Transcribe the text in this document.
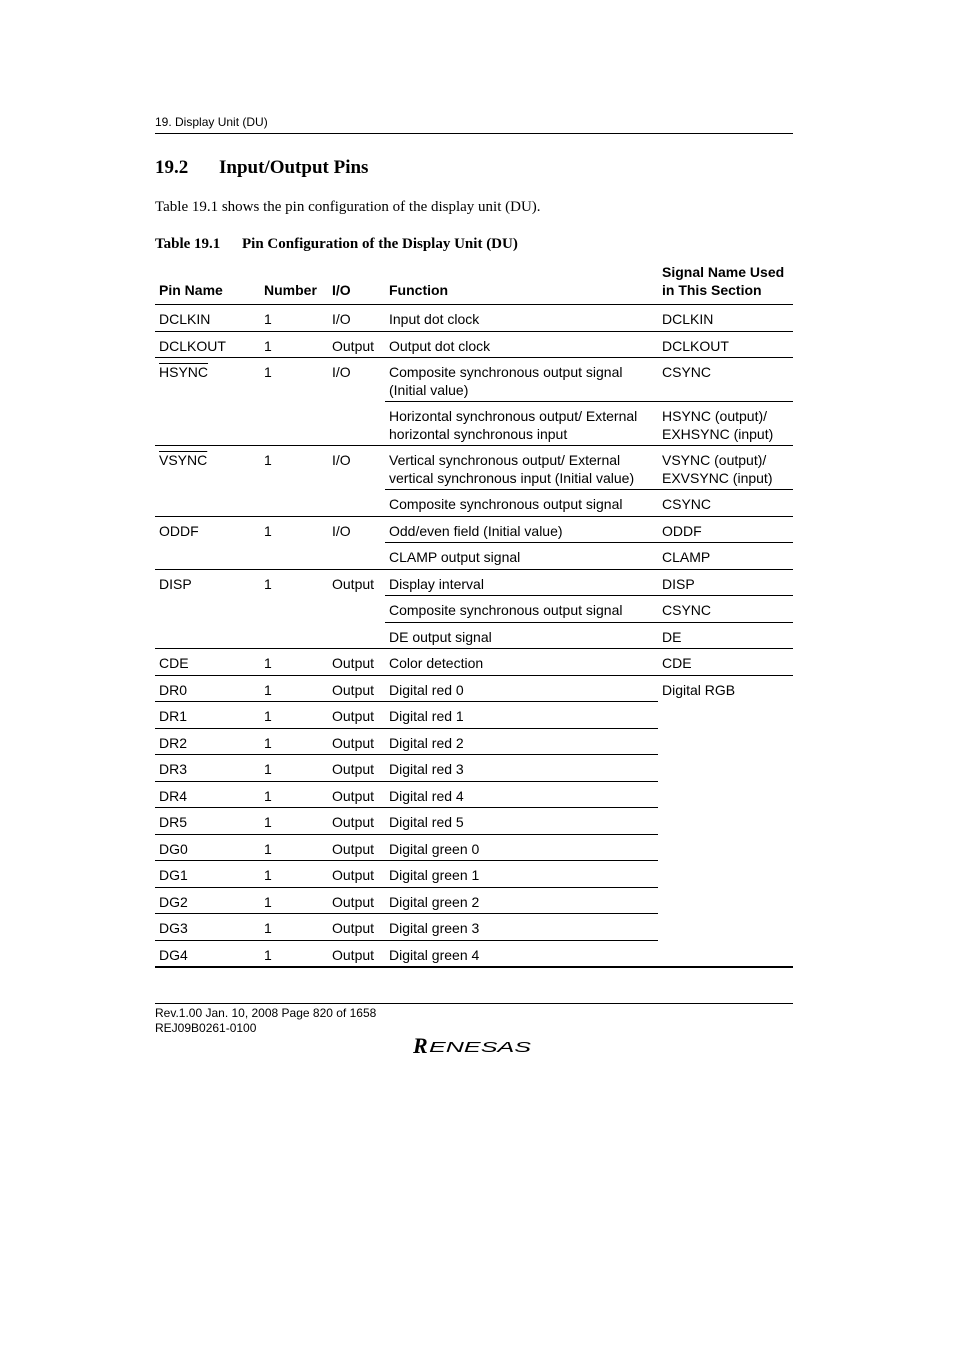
19. Display Unit (DU)
19.2 Input/Output Pins
Table 19.1 shows the pin configuration of the display unit (DU).
Table 19.1 Pin Configuration of the Display Unit (DU)
Pin Name	Number	I/O	Function	Signal Name Used
in This Section
DCLKIN	1	I/O	Input dot clock	DCLKIN
DCLKOUT	1	Output	Output dot clock	DCLKOUT
HSYNC	1	I/O	Composite synchronous output signal (Initial value)	CSYNC
			Horizontal synchronous output/ External horizontal synchronous input	HSYNC (output)/ EXHSYNC (input)
VSYNC	1	I/O	Vertical synchronous output/ External vertical synchronous input (Initial value)	VSYNC (output)/ EXVSYNC (input)
			Composite synchronous output signal	CSYNC
ODDF	1	I/O	Odd/even field (Initial value)	ODDF
			CLAMP output signal	CLAMP
DISP	1	Output	Display interval	DISP
			Composite synchronous output signal	CSYNC
			DE output signal	DE
CDE	1	Output	Color detection	CDE
DR0	1	Output	Digital red 0	Digital RGB
DR1	1	Output	Digital red 1	
DR2	1	Output	Digital red 2	
DR3	1	Output	Digital red 3	
DR4	1	Output	Digital red 4	
DR5	1	Output	Digital red 5	
DG0	1	Output	Digital green 0	
DG1	1	Output	Digital green 1	
DG2	1	Output	Digital green 2	
DG3	1	Output	Digital green 3	
DG4	1	Output	Digital green 4	
Rev.1.00 Jan. 10, 2008 Page 820 of 1658
REJ09B0261-0100
R ENESAS
